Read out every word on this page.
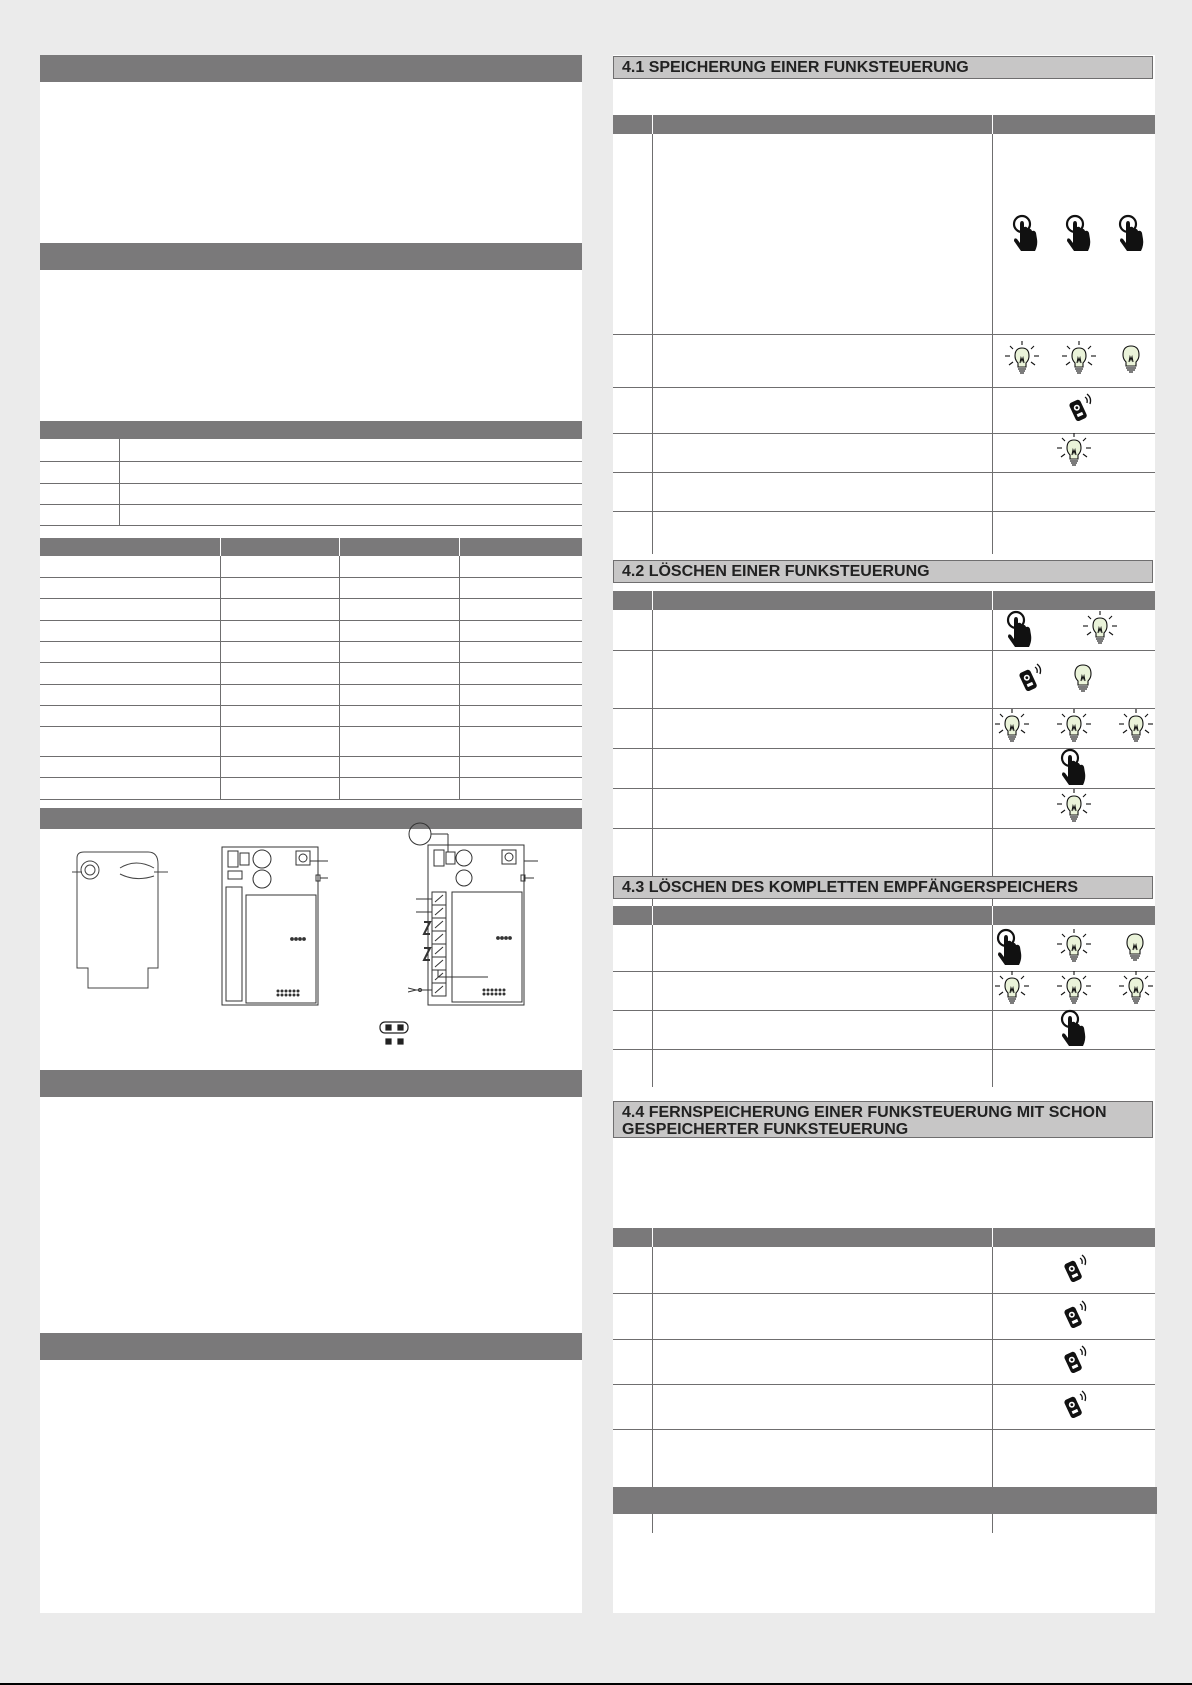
4.1 SPEICHERUNG EINER FUNKSTEUERUNG
4.2 LÖSCHEN EINER FUNKSTEUERUNG
4.3 LÖSCHEN DES KOMPLETTEN EMPFÄNGERSPEICHERS
4.4 FERNSPEICHERUNG EINER FUNKSTEUERUNG MIT SCHON GESPEICHERTER FUNKSTEUERUNG
